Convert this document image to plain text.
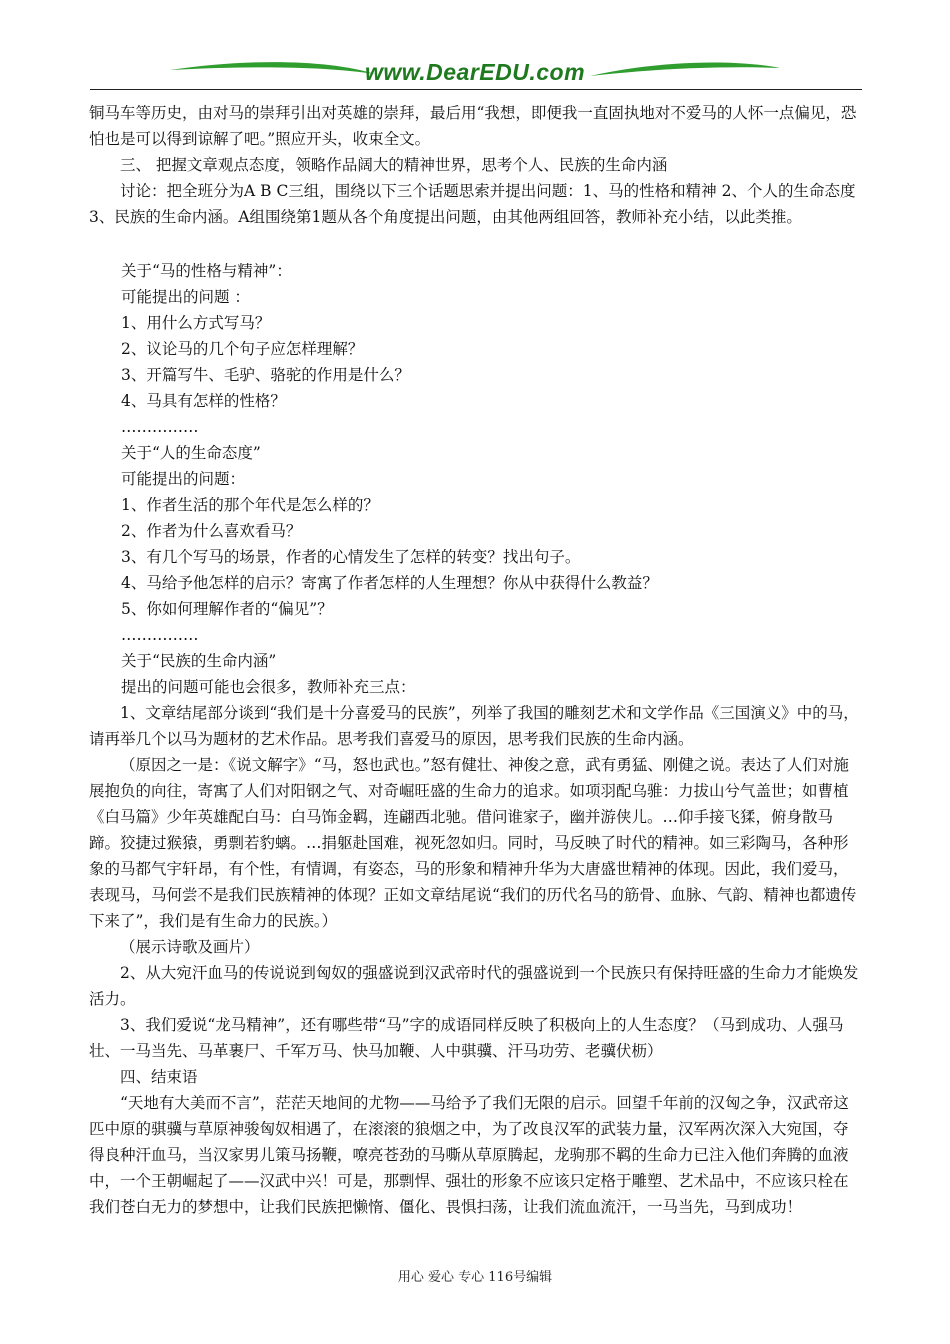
www.DearEDU.com

铜马车等历史，由对马的崇拜引出对英雄的崇拜，最后用“我想，即便我一直固执地对不爱马的人怀一点偏见，恐怕也是可以得到谅解了吧。”照应开头，收束全文。

三、 把握文章观点态度，领略作品阔大的精神世界，思考个人、民族的生命内涵

讨论：把全班分为A B C三组，围绕以下三个话题思索并提出问题：1、马的性格和精神 2、个人的生命态度 3、民族的生命内涵。A组围绕第1题从各个角度提出问题，由其他两组回答，教师补充小结，以此类推。

关于“马的性格与精神”：

可能提出的问题 ：

1、用什么方式写马？

2、议论马的几个句子应怎样理解？

3、开篇写牛、毛驴、骆驼的作用是什么？

4、马具有怎样的性格？

……………

关于“人的生命态度”

可能提出的问题：

1、作者生活的那个年代是怎么样的？

2、作者为什么喜欢看马？

3、有几个写马的场景，作者的心情发生了怎样的转变？找出句子。

4、马给予他怎样的启示？寄寓了作者怎样的人生理想？你从中获得什么教益？

5、你如何理解作者的“偏见”？

……………

关于“民族的生命内涵”

提出的问题可能也会很多，教师补充三点：

1、文章结尾部分谈到“我们是十分喜爱马的民族”，列举了我国的雕刻艺术和文学作品《三国演义》中的马，请再举几个以马为题材的艺术作品。思考我们喜爱马的原因，思考我们民族的生命内涵。

（原因之一是：《说文解字》“马，怒也武也。”怒有健壮、神俊之意，武有勇猛、刚健之说。表达了人们对施展抱负的向往，寄寓了人们对阳钢之气、对奇崛旺盛的生命力的追求。如项羽配乌骓：力拔山兮气盖世；如曹植《白马篇》少年英雄配白马：白马饰金羁，连翩西北驰。借问谁家子，幽并游侠儿。…仰手接飞猱，俯身散马蹄。狡捷过猴猿，勇剽若豹螭。…捐躯赴国难，视死忽如归。同时，马反映了时代的精神。如三彩陶马，各种形象的马都气宇轩昂，有个性，有情调，有姿态，马的形象和精神升华为大唐盛世精神的体现。因此，我们爱马，表现马，马何尝不是我们民族精神的体现？正如文章结尾说“我们的历代名马的筋骨、血脉、气韵、精神也都遗传下来了”，我们是有生命力的民族。）

（展示诗歌及画片）

2、从大宛汗血马的传说说到匈奴的强盛说到汉武帝时代的强盛说到一个民族只有保持旺盛的生命力才能焕发活力。

3、我们爱说“龙马精神”，还有哪些带“马”字的成语同样反映了积极向上的人生态度？（马到成功、人强马壮、一马当先、马革裹尸、千军万马、快马加鞭、人中骐骥、汗马功劳、老骥伏枥）

四、结束语

“天地有大美而不言”，茫茫天地间的尤物——马给予了我们无限的启示。回望千年前的汉匈之争，汉武帝这匹中原的骐骥与草原神骏匈奴相遇了，在滚滚的狼烟之中，为了改良汉军的武装力量，汉军两次深入大宛国，夺得良种汗血马，当汉家男儿策马扬鞭，嘹亮苍劲的马嘶从草原腾起，龙驹那不羁的生命力已注入他们奔腾的血液中，一个王朝崛起了——汉武中兴！可是，那剽悍、强壮的形象不应该只定格于雕塑、艺术品中，不应该只栓在我们苍白无力的梦想中，让我们民族把懒惰、僵化、畏惧扫荡，让我们流血流汗，一马当先，马到成功！

用心 爱心 专心 116号编辑
